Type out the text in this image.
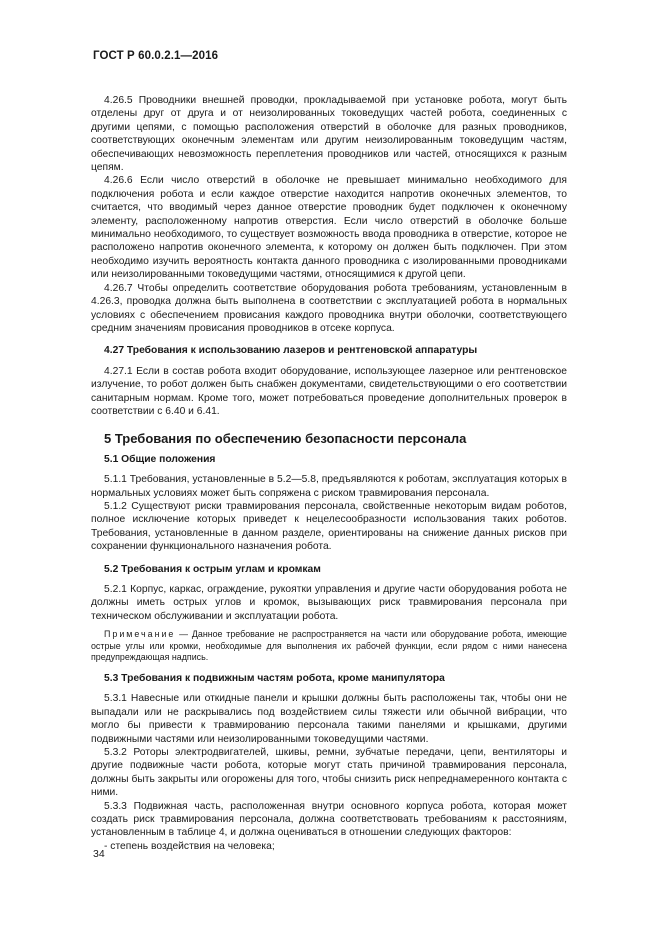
ГОСТ Р 60.0.2.1—2016

4.26.5 Проводники внешней проводки, прокладываемой при установке робота, могут быть отделены друг от друга и от неизолированных токоведущих частей робота, соединенных с другими цепями, с помощью расположения отверстий в оболочке для разных проводников, соответствующих оконечным элементам или другим неизолированным токоведущим частям, обеспечивающих невозможность переплетения проводников или частей, относящихся к разным цепям.

4.26.6 Если число отверстий в оболочке не превышает минимально необходимого для подключения робота и если каждое отверстие находится напротив оконечных элементов, то считается, что вводимый через данное отверстие проводник будет подключен к оконечному элементу, расположенному напротив отверстия. Если число отверстий в оболочке больше минимально необходимого, то существует возможность ввода проводника в отверстие, которое не расположено напротив оконечного элемента, к которому он должен быть подключен. При этом необходимо изучить вероятность контакта данного проводника с изолированными проводниками или неизолированными токоведущими частями, относящимися к другой цепи.

4.26.7 Чтобы определить соответствие оборудования робота требованиям, установленным в 4.26.3, проводка должна быть выполнена в соответствии с эксплуатацией робота в нормальных условиях с обеспечением провисания каждого проводника внутри оболочки, соответствующего средним значениям провисания проводников в отсеке корпуса.

4.27 Требования к использованию лазеров и рентгеновской аппаратуры

4.27.1 Если в состав робота входит оборудование, использующее лазерное или рентгеновское излучение, то робот должен быть снабжен документами, свидетельствующими о его соответствии санитарным нормам. Кроме того, может потребоваться проведение дополнительных проверок в соответствии с 6.40 и 6.41.

5 Требования по обеспечению безопасности персонала
5.1 Общие положения

5.1.1 Требования, установленные в 5.2—5.8, предъявляются к роботам, эксплуатация которых в нормальных условиях может быть сопряжена с риском травмирования персонала.

5.1.2 Существуют риски травмирования персонала, свойственные некоторым видам роботов, полное исключение которых приведет к нецелесообразности использования таких роботов. Требования, установленные в данном разделе, ориентированы на снижение данных рисков при сохранении функционального назначения робота.

5.2 Требования к острым углам и кромкам

5.2.1 Корпус, каркас, ограждение, рукоятки управления и другие части оборудования робота не должны иметь острых углов и кромок, вызывающих риск травмирования персонала при техническом обслуживании и эксплуатации робота.

Примечание — Данное требование не распространяется на части или оборудование робота, имеющие острые углы или кромки, необходимые для выполнения их рабочей функции, если рядом с ними нанесена предупреждающая надпись.

5.3 Требования к подвижным частям робота, кроме манипулятора

5.3.1 Навесные или откидные панели и крышки должны быть расположены так, чтобы они не выпадали или не раскрывались под воздействием силы тяжести или обычной вибрации, что могло бы привести к травмированию персонала такими панелями и крышками, другими подвижными частями или неизолированными токоведущими частями.

5.3.2 Роторы электродвигателей, шкивы, ремни, зубчатые передачи, цепи, вентиляторы и другие подвижные части робота, которые могут стать причиной травмирования персонала, должны быть закрыты или огорожены для того, чтобы снизить риск непреднамеренного контакта с ними.

5.3.3 Подвижная часть, расположенная внутри основного корпуса робота, которая может создать риск травмирования персонала, должна соответствовать требованиям к расстояниям, установленным в таблице 4, и должна оцениваться в отношении следующих факторов:

- степень воздействия на человека;

34
